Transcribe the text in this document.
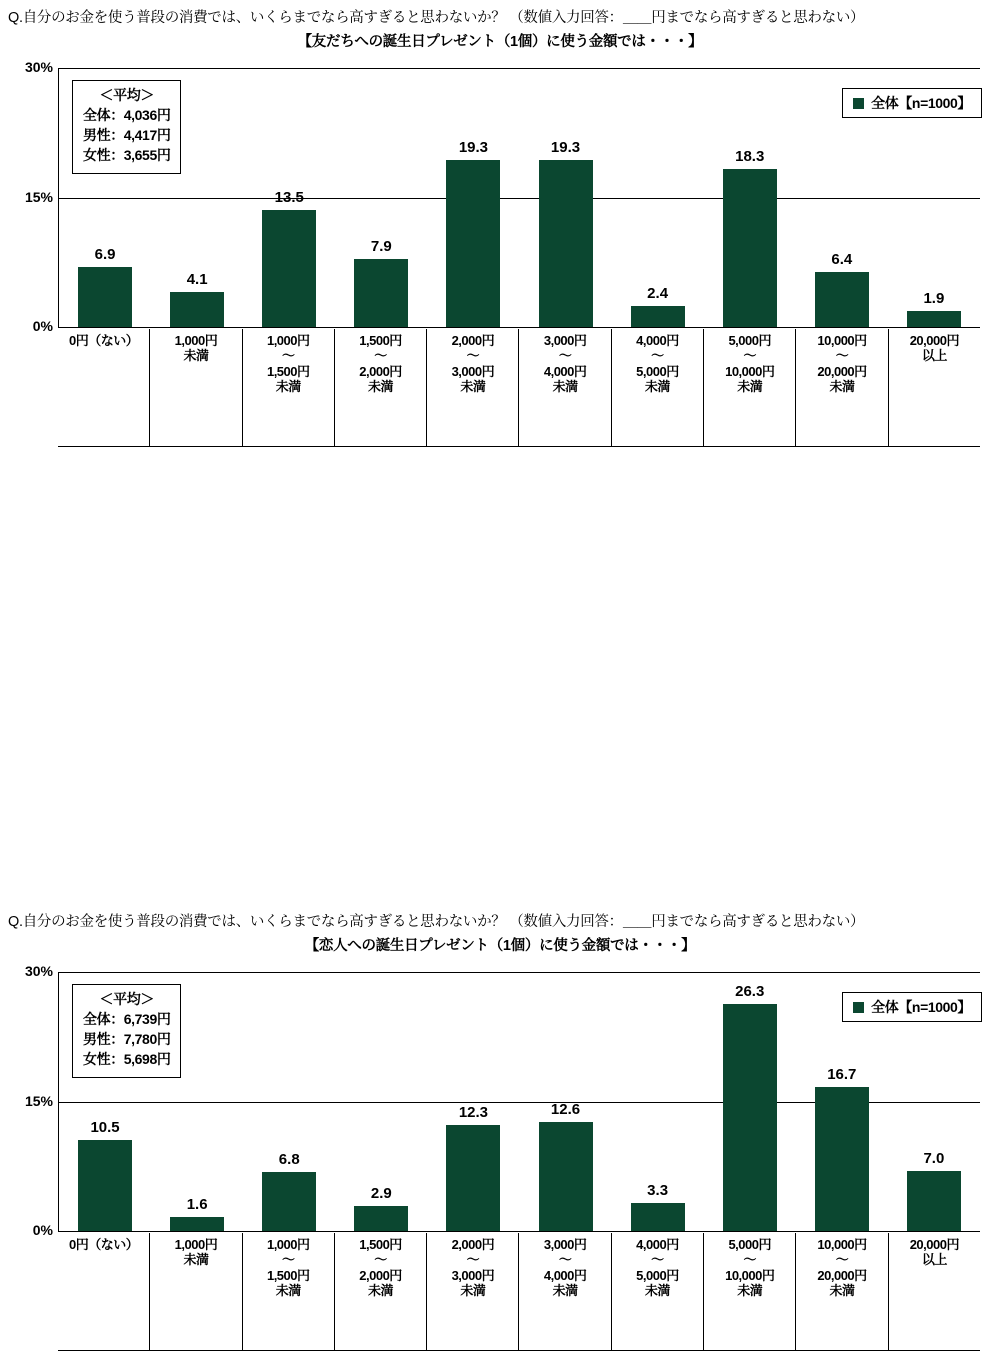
Q.自分のお金を使う普段の消費では、いくらまでなら高すぎると思わないか？ （数値入力回答：＿＿円までなら高すぎると思わない）
【友だちへの誕生日プレゼント（1個）に使う金額では・・・】
30%
15%
0%
6.9
4.1
13.5
7.9
19.3	19.3
2.4
18.3
6.4
1.9
0円（ない）	1,000円
未満
1,000円
～
1,500円
未満
1,500円
～
2,000円
未満
2,000円
～
3,000円
未満
3,000円
～
4,000円
未満
4,000円
～
5,000円
未満
5,000円
～
10,000円
未満
10,000円
～
20,000円
未満
20,000円
以上
＜平均＞
全体：4,036円
男性：4,417円
女性：3,655円
全体【n=1000】
Q.自分のお金を使う普段の消費では、いくらまでなら高すぎると思わないか？ （数値入力回答：＿＿円までなら高すぎると思わない）
【恋人への誕生日プレゼント（1個）に使う金額では・・・】
30%
15%
0%
10.5
1.6
6.8
2.9
12.3	12.6
3.3
26.3
16.7
7.0
0円（ない）	1,000円
未満
1,000円
～
1,500円
未満
1,500円
～
2,000円
未満
2,000円
～
3,000円
未満
3,000円
～
4,000円
未満
4,000円
～
5,000円
未満
5,000円
～
10,000円
未満
10,000円
～
20,000円
未満
20,000円
以上
＜平均＞
全体：6,739円
男性：7,780円
女性：5,698円
全体【n=1000】
